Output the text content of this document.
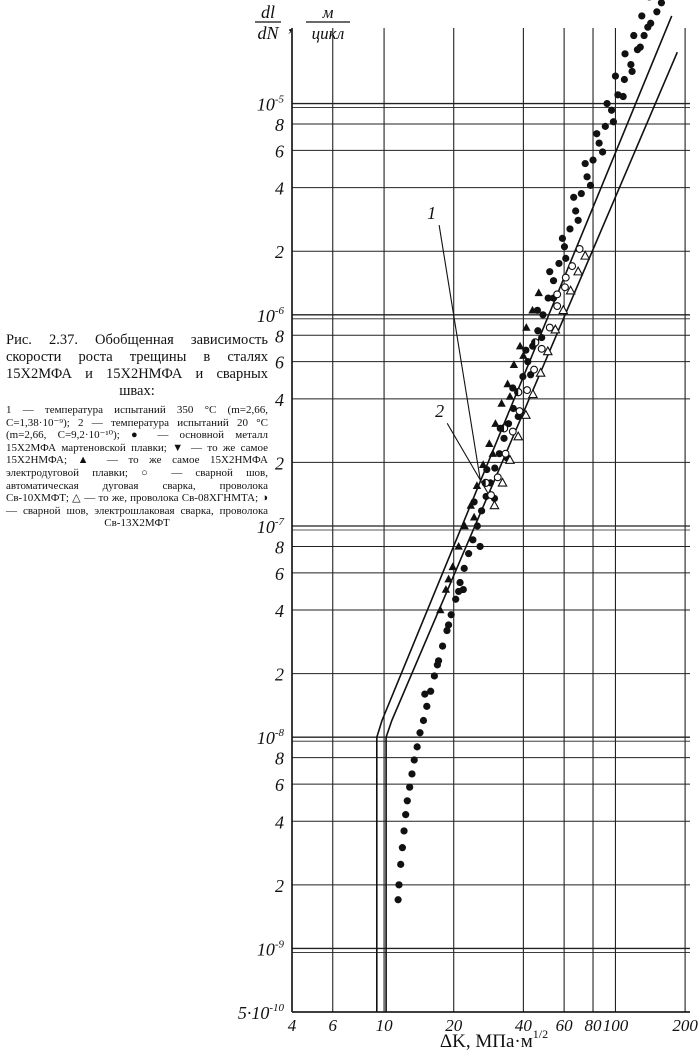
1
2
$10^{-5}$
8
6
4
2
$10^{-6}$
8
6
4
2
$10^{-7}$
8
6
4
2
$10^{-8}$
8
6
4
2
$10^{-9}$
$5\cdot 10^{-10}$
4 6 10	20	40 60 80 100	200
dl
dN ,
м
цикл
ΔK, $МПа\cdot м^{1/2}$

Рис. 2.37. Обобщенная зависимость скорости роста трещины в сталях 15Х2МФА и 15Х2НМФА и сварных швах:

1 — температура испытаний 350 °С (m=2,66, С=1,38·10⁻⁹); 2 — температура испытаний 20 °С (m=2,66, С=9,2·10⁻¹⁰); ● — основной металл 15Х2МФА мартеновской плавки; ▼ — то же самое 15Х2НМФА; ▲ — то же самое 15Х2НМФА электродуговой плавки; ○ — сварной шов, автоматическая дуговая сварка, проволока Св-10ХМФТ; △ — то же, проволока Св-08ХГНМТА; ◑ — сварной шов, электрошлаковая сварка, проволока Св-13Х2МФТ
